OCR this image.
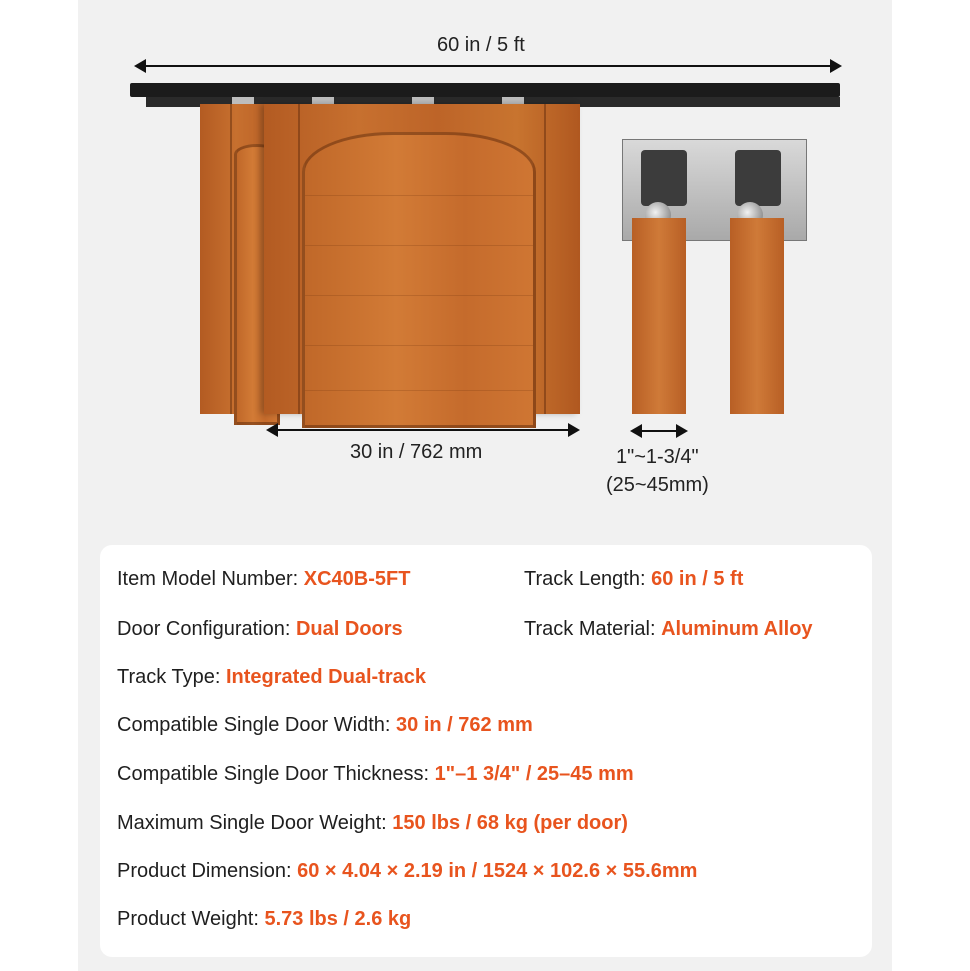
60 in / 5 ft
30 in / 762 mm	1"~1-3/4"
(25~45mm)
Item Model Number: XC40B-5FT	Track Length: 60 in / 5 ft
Door Configuration: Dual Doors	Track Material: Aluminum Alloy
Track Type: Integrated Dual-track
Compatible Single Door Width: 30 in / 762 mm
Compatible Single Door Thickness: 1"–1 3/4" / 25–45 mm
Maximum Single Door Weight: 150 lbs / 68 kg (per door)
Product Dimension: 60 × 4.04 × 2.19 in / 1524 × 102.6 × 55.6mm
Product Weight: 5.73 lbs / 2.6 kg
